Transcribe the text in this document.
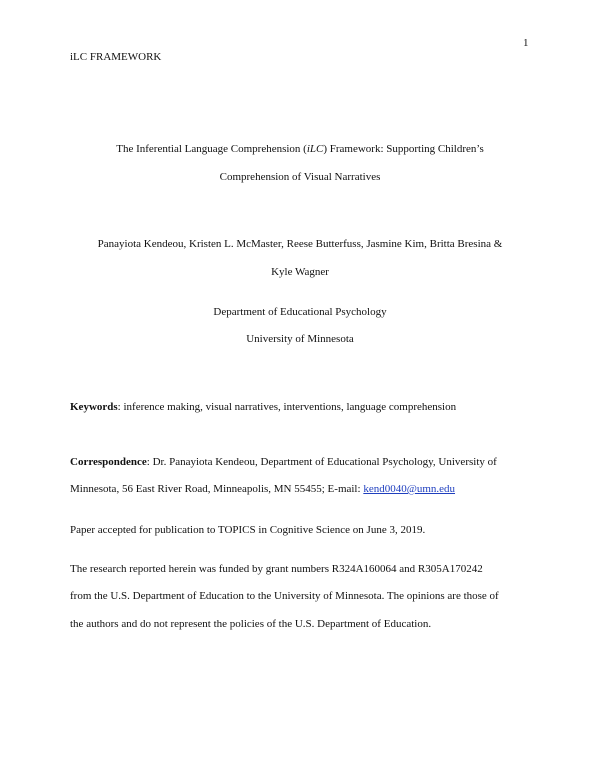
1
iLC FRAMEWORK
The Inferential Language Comprehension (iLC) Framework: Supporting Children’s
Comprehension of Visual Narratives
Panayiota Kendeou, Kristen L. McMaster, Reese Butterfuss, Jasmine Kim, Britta Bresina &
Kyle Wagner
Department of Educational Psychology
University of Minnesota
Keywords: inference making, visual narratives, interventions, language comprehension
Correspondence: Dr. Panayiota Kendeou, Department of Educational Psychology, University of
Minnesota, 56 East River Road, Minneapolis, MN 55455; E-mail: kend0040@umn.edu
Paper accepted for publication to TOPICS in Cognitive Science on June 3, 2019.
The research reported herein was funded by grant numbers R324A160064 and R305A170242
from the U.S. Department of Education to the University of Minnesota. The opinions are those of
the authors and do not represent the policies of the U.S. Department of Education.
